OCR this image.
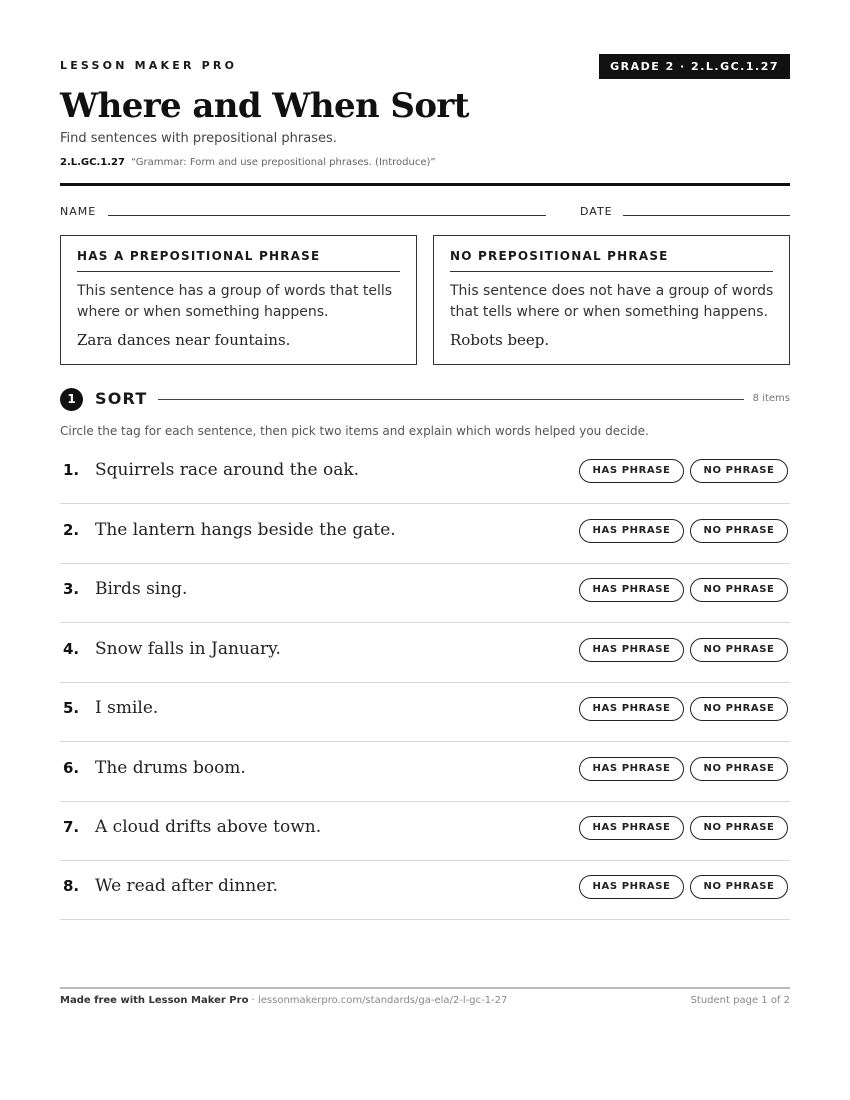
LESSON MAKER PRO	GRADE 2 · 2.L.GC.1.27
Where and When Sort
Find sentences with prepositional phrases.
2.L.GC.1.27 “Grammar: Form and use prepositional phrases. (Introduce)”
NAME	DATE
HAS A PREPOSITIONAL PHRASE
This sentence has a group of words that tells where or when something happens.
Zara dances near fountains.
NO PREPOSITIONAL PHRASE
This sentence does not have a group of words that tells where or when something happens.
Robots beep.
1	SORT	8 items
Circle the tag for each sentence, then pick two items and explain which words helped you decide.
1. Squirrels race around the oak.	HAS PHRASE	NO PHRASE
2. The lantern hangs beside the gate.	HAS PHRASE	NO PHRASE
3. Birds sing.	HAS PHRASE	NO PHRASE
4. Snow falls in January.	HAS PHRASE	NO PHRASE
5. I smile.	HAS PHRASE	NO PHRASE
6. The drums boom.	HAS PHRASE	NO PHRASE
7. A cloud drifts above town.	HAS PHRASE	NO PHRASE
8. We read after dinner.	HAS PHRASE	NO PHRASE
Made free with Lesson Maker Pro · lessonmakerpro.com/standards/ga-ela/2-l-gc-1-27	Student page 1 of 2
